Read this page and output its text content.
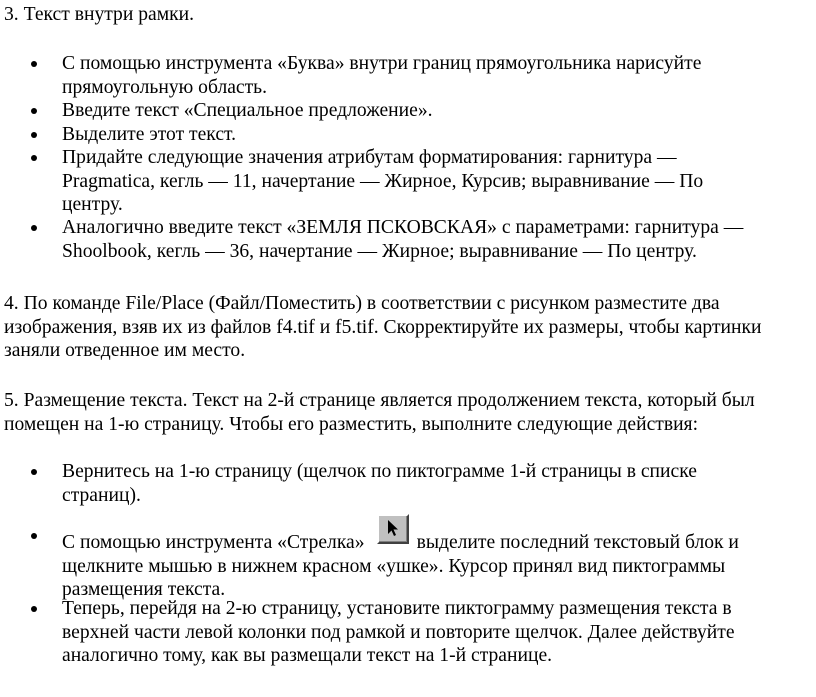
3. Текст внутри рамки.
С помощью инструмента «Буква» внутри границ прямоугольника нарисуйте
прямоугольную область.
Введите текст «Специальное предложение».
Выделите этот текст.
Придайте следующие значения атрибутам форматирования: гарнитура —
Pragmatica, кегль — 11, начертание — Жирное, Курсив; выравнивание — По
центру.
Аналогично введите текст «ЗЕМЛЯ ПСКОВСКАЯ» с параметрами: гарнитура —
Shoolbook, кегль — 36, начертание — Жирное; выравнивание — По центру.
4. По команде File/Place (Файл/Поместить) в соответствии с рисунком разместите два
изображения, взяв их из файлов f4.tif и f5.tif. Скорректируйте их размеры, чтобы картинки
заняли отведенное им место.
5. Размещение текста. Текст на 2-й странице является продолжением текста, который был
помещен на 1-ю страницу. Чтобы его разместить, выполните следующие действия:
Вернитесь на 1-ю страницу (щелчок по пиктограмме 1-й страницы в списке
страниц).
С помощью инструмента «Стрелка»	выделите последний текстовый блок и
щелкните мышью в нижнем красном «ушке». Курсор принял вид пиктограммы
размещения текста.
Теперь, перейдя на 2-ю страницу, установите пиктограмму размещения текста в
верхней части левой колонки под рамкой и повторите щелчок. Далее действуйте
аналогично тому, как вы размещали текст на 1-й странице.
